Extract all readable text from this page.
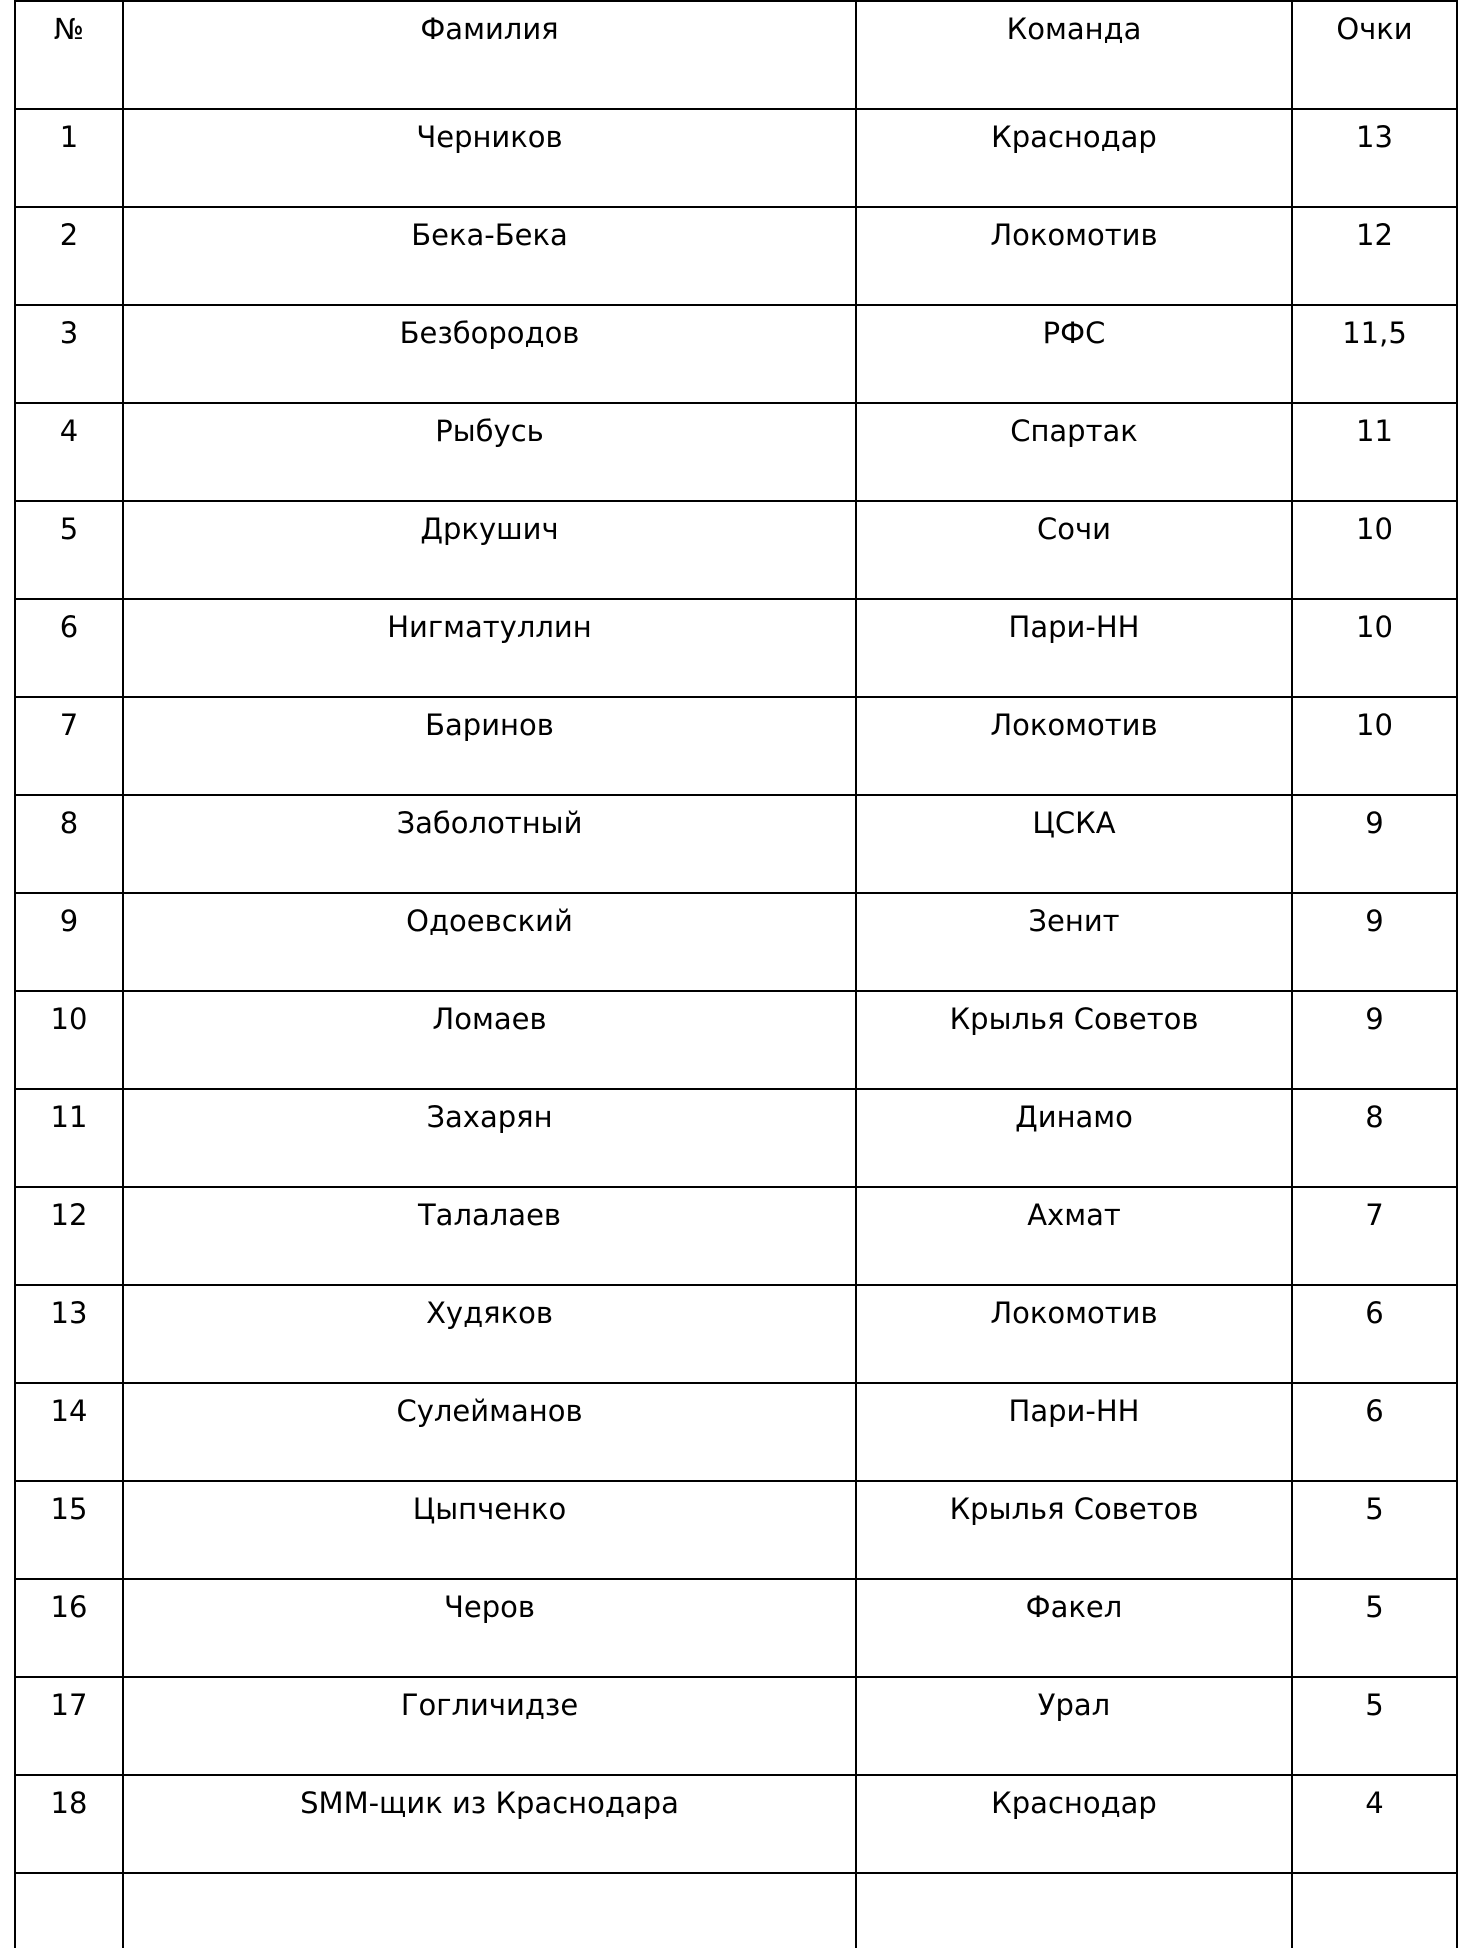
№	Фамилия	Команда	Очки
1	Черников	Краснодар	13
2	Бека-Бека	Локомотив	12
3	Безбородов	РФС	11,5
4	Рыбусь	Спартак	11
5	Дркушич	Сочи	10
6	Нигматуллин	Пари-НН	10
7	Баринов	Локомотив	10
8	Заболотный	ЦСКА	9
9	Одоевский	Зенит	9
10	Ломаев	Крылья Советов	9
11	Захарян	Динамо	8
12	Талалаев	Ахмат	7
13	Худяков	Локомотив	6
14	Сулейманов	Пари-НН	6
15	Цыпченко	Крылья Советов	5
16	Черов	Факел	5
17	Гогличидзе	Урал	5
18	SMM-щик из Краснодара	Краснодар	4
